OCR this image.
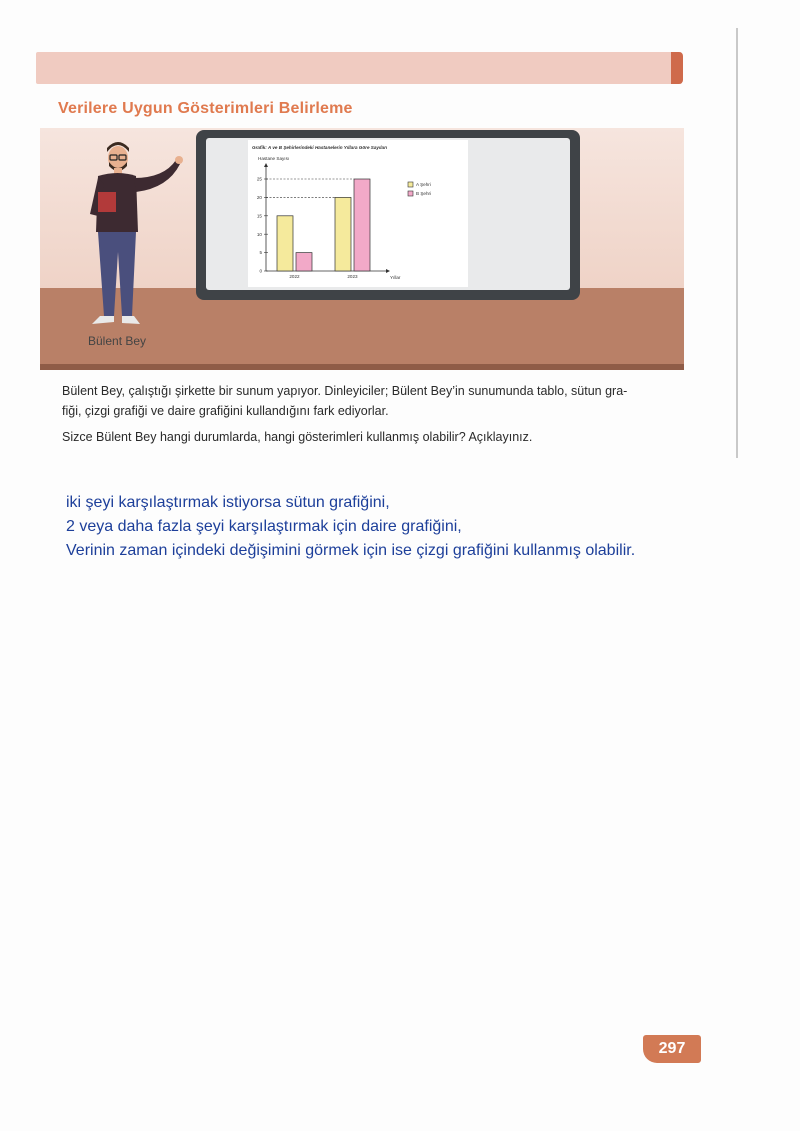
Verilere Uygun Gösterimleri Belirleme
Bülent Bey
Grafik: A ve B Şehirlerindeki Hastanelerin Yıllara Göre Sayıları
Hastane Sayısı
Yıllar
0
5
10
15
20
25
2022	2023
A Şehri
B Şehri
Bülent Bey, çalıştığı şirkette bir sunum yapıyor. Dinleyiciler; Bülent Bey’in sunumunda tablo, sütun gra-
fiği, çizgi grafiği ve daire grafiğini kullandığını fark ediyorlar.
Sizce Bülent Bey hangi durumlarda, hangi gösterimleri kullanmış olabilir? Açıklayınız.
iki şeyi karşılaştırmak istiyorsa sütun grafiğini,
2 veya daha fazla şeyi karşılaştırmak için daire grafiğini,
Verinin zaman içindeki değişimini görmek için ise çizgi grafiğini kullanmış olabilir.
297
